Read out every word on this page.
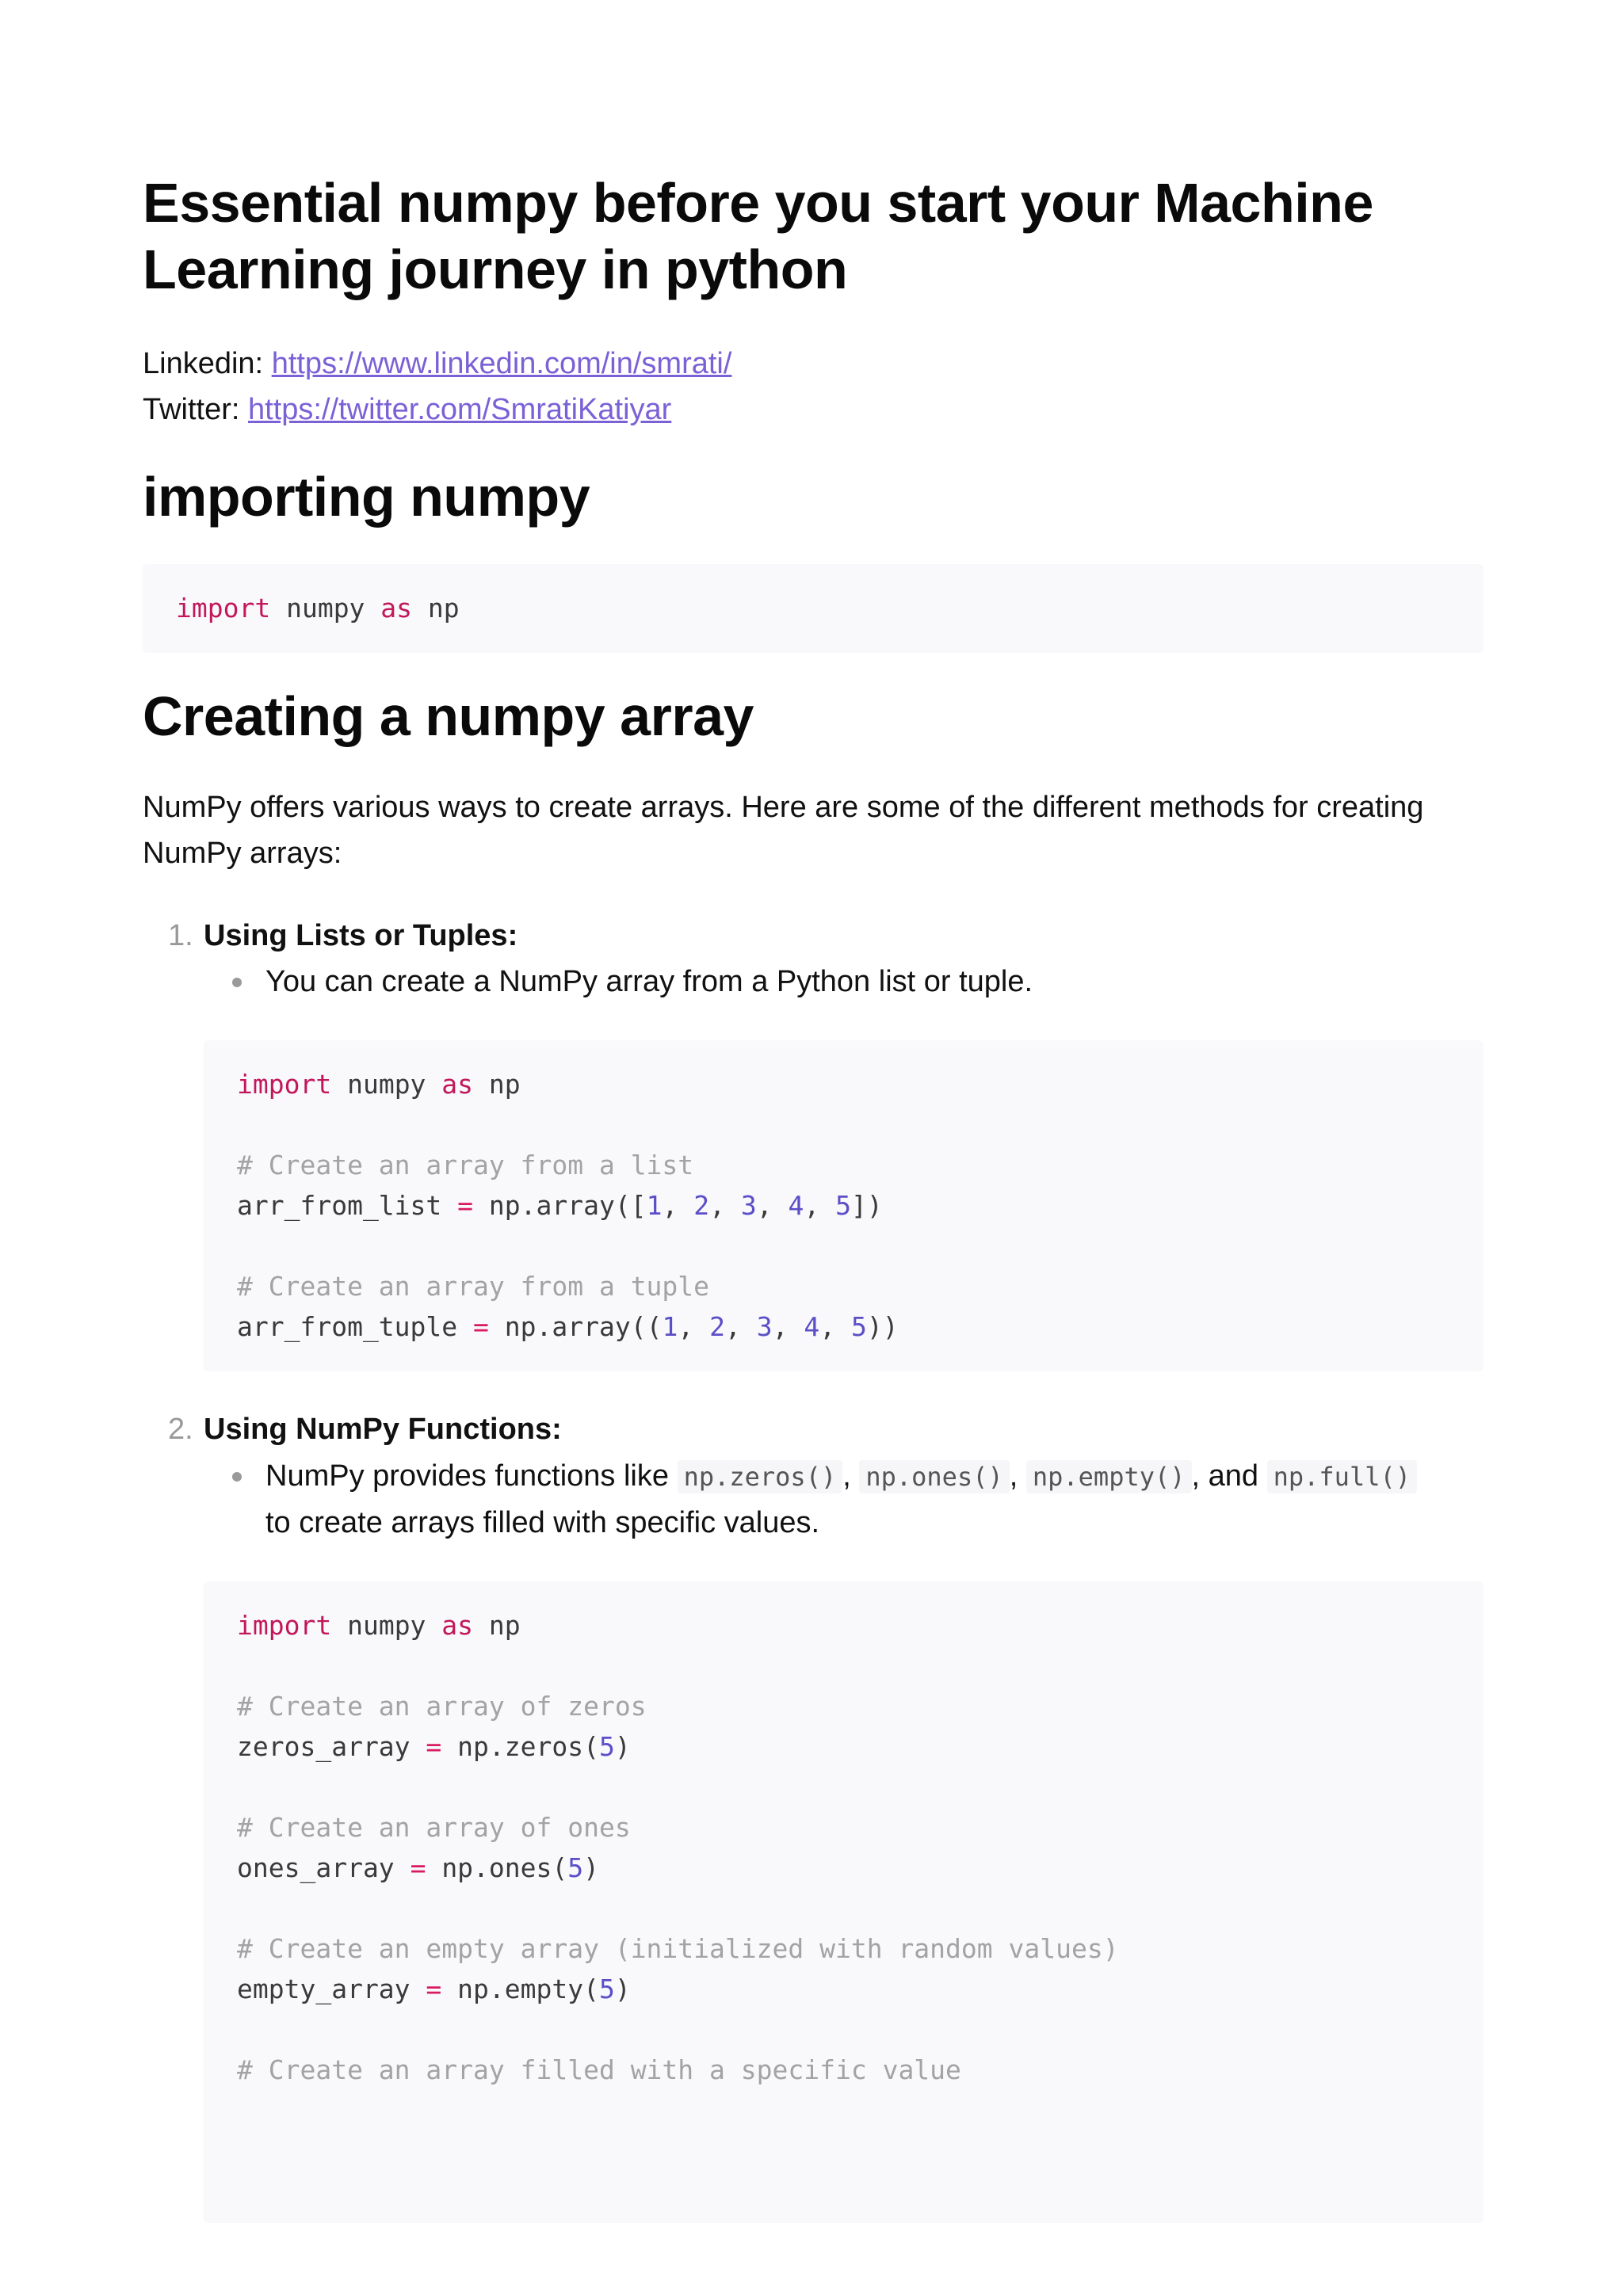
Essential numpy before you start your Machine Learning journey in python
Linkedin: https://www.linkedin.com/in/smrati/
Twitter: https://twitter.com/SmratiKatiyar
importing numpy
import numpy as np
Creating a numpy array
NumPy offers various ways to create arrays. Here are some of the different methods for creating NumPy arrays:
1. Using Lists or Tuples:
You can create a NumPy array from a Python list or tuple.
import numpy as np

# Create an array from a list
arr_from_list = np.array([1, 2, 3, 4, 5])

# Create an array from a tuple
arr_from_tuple = np.array((1, 2, 3, 4, 5))
2. Using NumPy Functions:
NumPy provides functions like np.zeros() , np.ones() , np.empty() , and np.full()
to create arrays filled with specific values.
import numpy as np

# Create an array of zeros
zeros_array = np.zeros(5)

# Create an array of ones
ones_array = np.ones(5)

# Create an empty array (initialized with random values)
empty_array = np.empty(5)

# Create an array filled with a specific value
